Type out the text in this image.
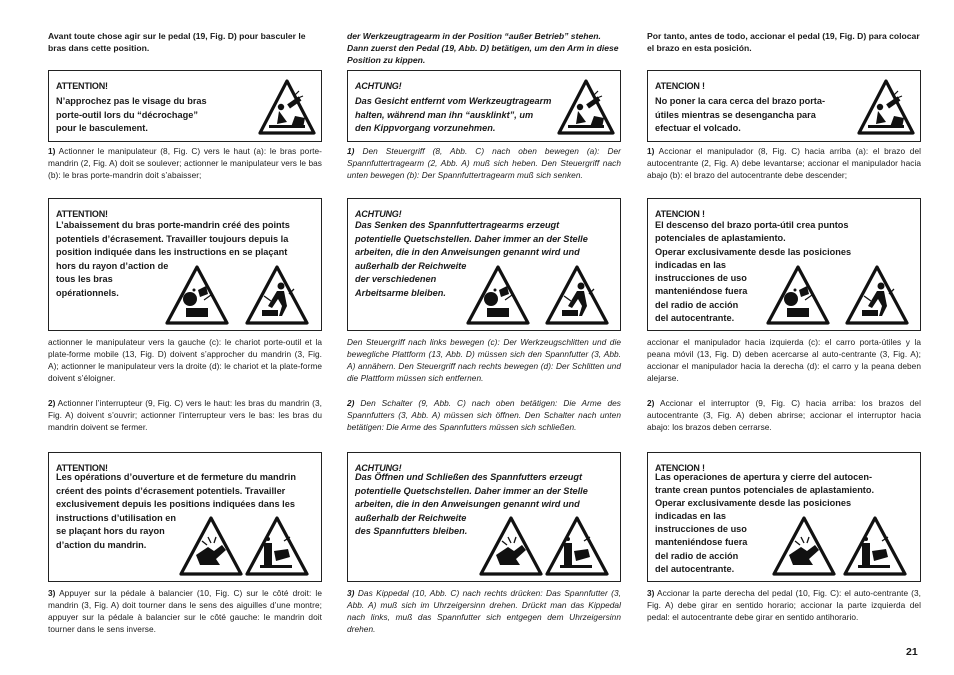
Avant toute chose agir sur le pedal (19, Fig. D) pour basculer le bras dans cette position.
ATTENTION!
N’approchez pas le visage du bras
porte-outil lors du “décrochage”
pour le basculement.
1) Actionner le manipulateur (8, Fig. C) vers le haut (a): le bras porte-mandrin (2, Fig. A) doit se soulever; actionner le manipulateur vers le bas (b): le bras porte-mandrin doit s’abaisser;
ATTENTION!
L’abaissement du bras porte-mandrin créé des points
potentiels d’écrasement. Travailler toujours depuis la
position indiquée dans les instructions en se plaçant
hors du rayon d’action de
tous les bras
opérationnels.
actionner le manipulateur vers la gauche (c): le chariot porte-outil et la plate-forme mobile (13, Fig. D) doivent s’approcher du mandrin (3, Fig. A); actionner le manipulateur vers la droite (d): le chariot et la plate-forme doivent s’éloigner.
2) Actionner l’interrupteur (9, Fig. C) vers le haut: les bras du mandrin (3, Fig. A) doivent s’ouvrir; actionner l’interrupteur vers le bas: les bras du mandrin doivent se fermer.
ATTENTION!
Les opérations d’ouverture et de fermeture du mandrin
créent des points d’écrasement potentiels. Travailler
exclusivement depuis les positions indiquées dans les
instructions d’utilisation en
se plaçant hors du rayon
d’action du mandrin.
3) Appuyer sur la pédale à balancier (10, Fig. C) sur le côté droit: le mandrin (3, Fig. A) doit tourner dans le sens des aiguilles d’une montre; appuyer sur la pédale à balancier sur le côté gauche: le mandrin doit tourner dans le sens inverse.
der Werkzeugtragearm in der Position “außer Betrieb” stehen. Dann zuerst den Pedal (19, Abb. D) betätigen, um den Arm in diese Position zu kippen.
ACHTUNG!
Das Gesicht entfernt vom Werkzeugtragearm
halten, während man ihn “ausklinkt”, um
den Kippvorgang vorzunehmen.
1) Den Steuergriff (8, Abb. C) nach oben bewegen (a): Der Spannfuttertragearm (2, Abb. A) muß sich heben. Den Steuergriff nach unten bewegen (b): Der Spannfuttertragearm muß sich senken.
ACHTUNG!
Das Senken des Spannfuttertragearms erzeugt
potentielle Quetschstellen. Daher immer an der Stelle
arbeiten, die in den Anweisungen genannt wird und
außerhalb der Reichweite
der verschiedenen
Arbeitsarme bleiben.
Den Steuergriff nach links bewegen (c): Der Werkzeugschlitten und die bewegliche Plattform (13, Abb. D) müssen sich den Spannfutter (3, Abb. A) annähern. Den Steuergriff nach rechts bewegen (d): Der Schlitten und die Plattform müssen sich entfernen.
2) Den Schalter (9, Abb. C) nach oben betätigen: Die Arme des Spannfutters (3, Abb. A) müssen sich öffnen. Den Schalter nach unten betätigen: Die Arme des Spannfutters müssen sich schließen.
ACHTUNG!
Das Öffnen und Schließen des Spannfutters erzeugt
potentielle Quetschstellen. Daher immer an der Stelle
arbeiten, die in den Anweisungen genannt wird und
außerhalb der Reichweite
des Spannfutters bleiben.
3) Das Kippedal (10, Abb. C) nach rechts drücken: Das Spannfutter (3, Abb. A) muß sich im Uhrzeigersinn drehen. Drückt man das Kippedal nach links, muß das Spannfutter sich entgegen dem Uhrzeigersinn drehen.
Por tanto, antes de todo, accionar el pedal (19, Fig. D) para colocar el brazo en esta posición.
ATENCION !
No poner la cara cerca del brazo porta-
útiles mientras se desengancha para
efectuar el volcado.
1) Accionar el manipulador (8, Fig. C) hacia arriba (a): el brazo del autocentrante (2, Fig. A) debe levantarse; accionar el manipulador hacia abajo (b): el brazo del autocentrante debe descender;
ATENCION !
El descenso del brazo porta-útil crea puntos
potenciales de aplastamiento.
Operar exclusivamente desde las posiciones
indicadas en las
instrucciones de uso
manteniéndose fuera
del radio de acción
del autocentrante.
accionar el manipulador hacia izquierda (c): el carro porta-útiles y la peana móvil (13, Fig. D) deben acercarse al auto-centrante (3, Fig. A); accionar el manipulador hacia la derecha (d): el carro y la peana deben alejarse.
2) Accionar el interruptor (9, Fig. C) hacia arriba: los brazos del autocentrante (3, Fig. A) deben abrirse; accionar el interruptor hacia abajo: los brazos deben cerrarse.
ATENCION !
Las operaciones de apertura y cierre del autocen-
trante crean puntos potenciales de aplastamiento.
Operar exclusivamente desde las posiciones
indicadas en las
instrucciones de uso
manteniéndose fuera
del radio de acción
del autocentrante.
3) Accionar la parte derecha del pedal (10, Fig. C): el auto-centrante (3, Fig. A) debe girar en sentido horario; accionar la parte izquierda del pedal: el autocentrante debe girar en sentido antihorario.
21
